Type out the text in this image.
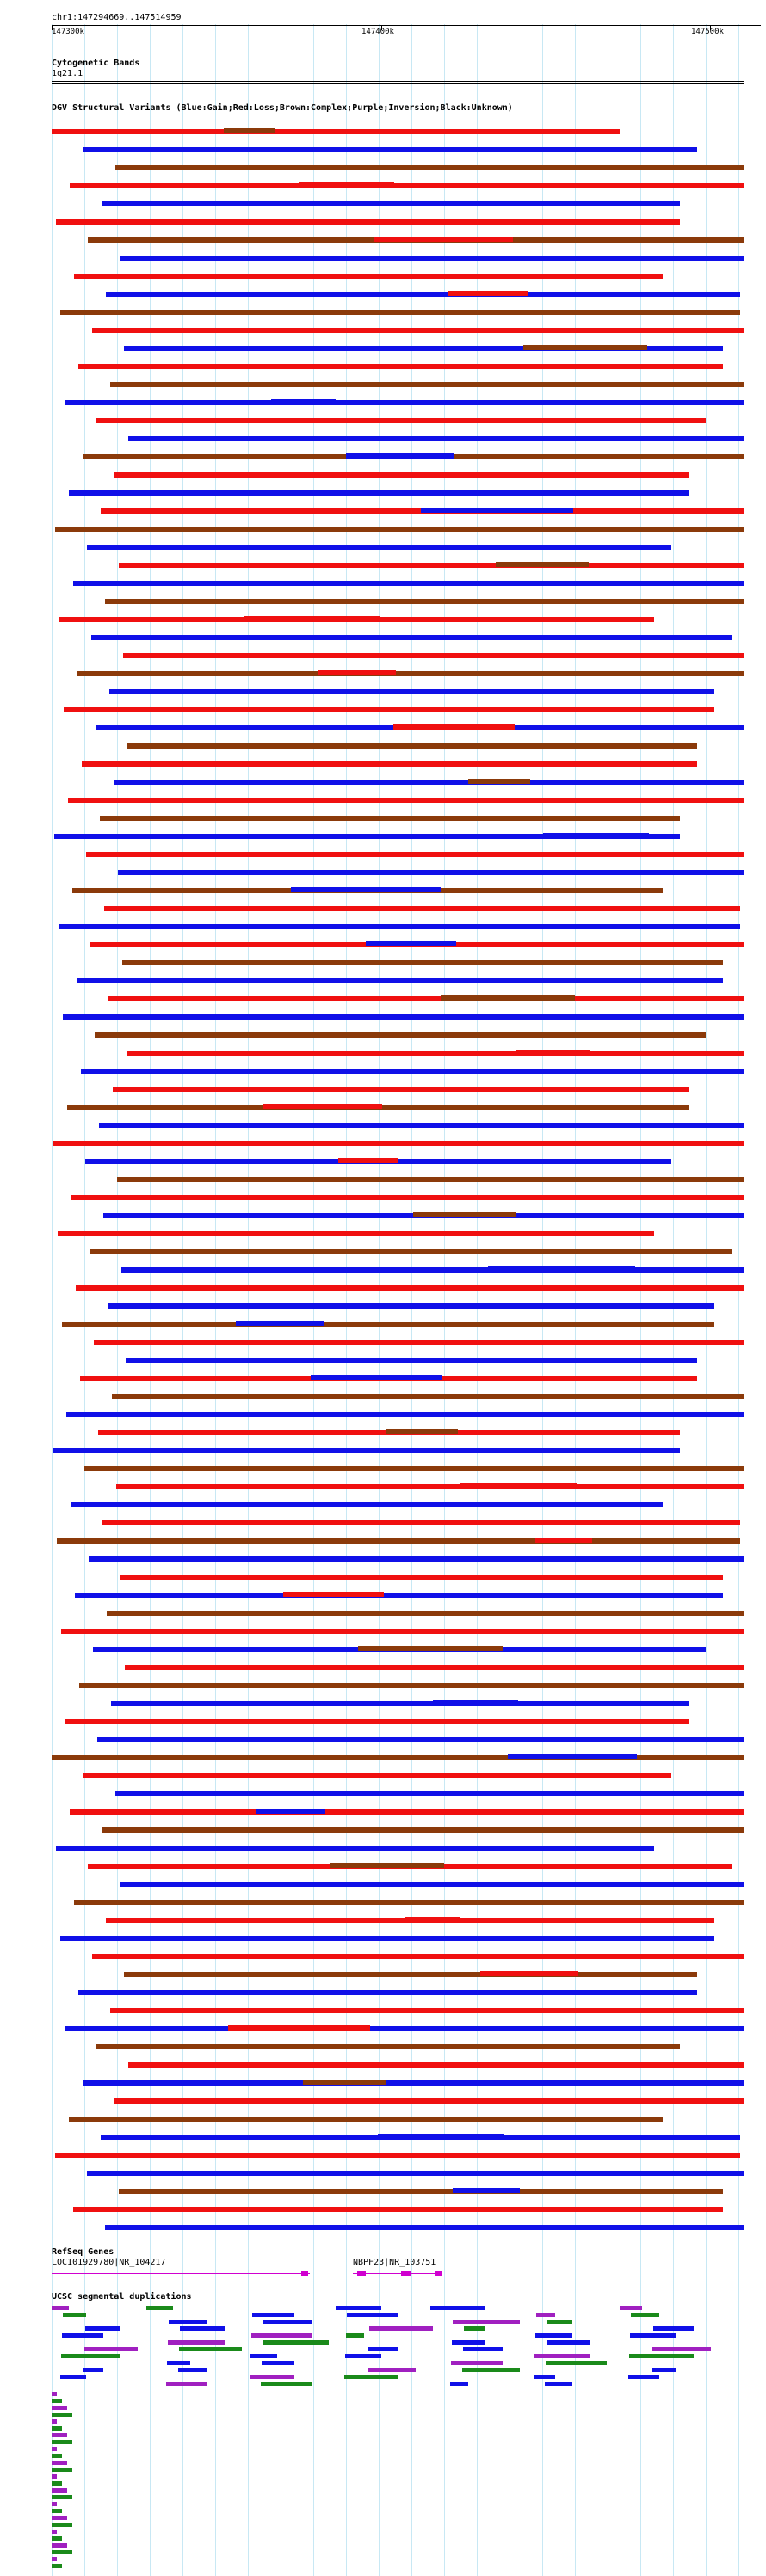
chr1:147294669..147514959
147300k	147400k	147500k
Cytogenetic Bands
1q21.1
DGV Structural Variants (Blue:Gain;Red:Loss;Brown:Complex;Purple;Inversion;Black:Unknown)
RefSeq Genes
LOC101929780|NR_104217	NBPF23|NR_103751
UCSC segmental duplications
